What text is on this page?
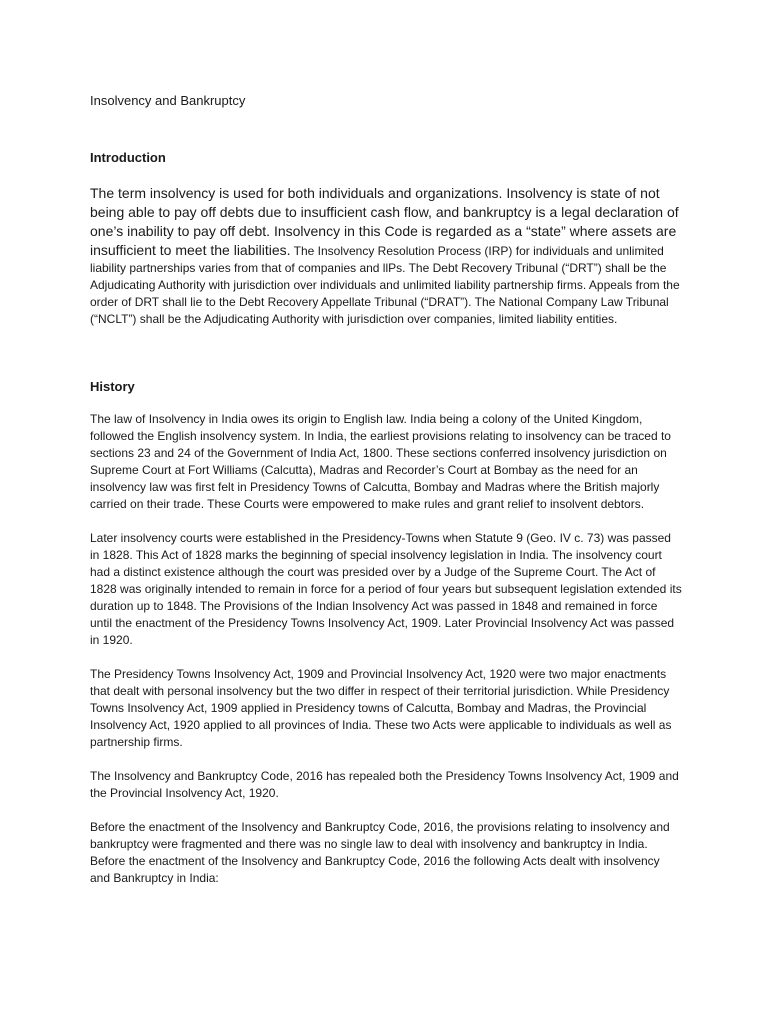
Insolvency and Bankruptcy

Introduction

The term insolvency is used for both individuals and organizations. Insolvency is state of not being able to pay off debts due to insufficient cash flow, and bankruptcy is a legal declaration of one’s inability to pay off debt. Insolvency in this Code is regarded as a “state” where assets are insufficient to meet the liabilities. The Insolvency Resolution Process (IRP) for individuals and unlimited liability partnerships varies from that of companies and llPs. The Debt Recovery Tribunal (“DRT”) shall be the Adjudicating Authority with jurisdiction over individuals and unlimited liability partnership firms. Appeals from the order of DRT shall lie to the Debt Recovery Appellate Tribunal (“DRAT”). The National Company Law Tribunal (“NCLT”) shall be the Adjudicating Authority with jurisdiction over companies, limited liability entities.

History

The law of Insolvency in India owes its origin to English law. India being a colony of the United Kingdom, followed the English insolvency system. In India, the earliest provisions relating to insolvency can be traced to sections 23 and 24 of the Government of India Act, 1800. These sections conferred insolvency jurisdiction on Supreme Court at Fort Williams (Calcutta), Madras and Recorder’s Court at Bombay as the need for an insolvency law was first felt in Presidency Towns of Calcutta, Bombay and Madras where the British majorly carried on their trade. These Courts were empowered to make rules and grant relief to insolvent debtors.

Later insolvency courts were established in the Presidency-Towns when Statute 9 (Geo. IV c. 73) was passed in 1828. This Act of 1828 marks the beginning of special insolvency legislation in India. The insolvency court had a distinct existence although the court was presided over by a Judge of the Supreme Court. The Act of 1828 was originally intended to remain in force for a period of four years but subsequent legislation extended its duration up to 1848. The Provisions of the Indian Insolvency Act was passed in 1848 and remained in force until the enactment of the Presidency Towns Insolvency Act, 1909. Later Provincial Insolvency Act was passed in 1920.

The Presidency Towns Insolvency Act, 1909 and Provincial Insolvency Act, 1920 were two major enactments that dealt with personal insolvency but the two differ in respect of their territorial jurisdiction. While Presidency Towns Insolvency Act, 1909 applied in Presidency towns of Calcutta, Bombay and Madras, the Provincial Insolvency Act, 1920 applied to all provinces of India. These two Acts were applicable to individuals as well as partnership firms.

The Insolvency and Bankruptcy Code, 2016 has repealed both the Presidency Towns Insolvency Act, 1909 and the Provincial Insolvency Act, 1920.

Before the enactment of the Insolvency and Bankruptcy Code, 2016, the provisions relating to insolvency and bankruptcy were fragmented and there was no single law to deal with insolvency and bankruptcy in India. Before the enactment of the Insolvency and Bankruptcy Code, 2016 the following Acts dealt with insolvency and Bankruptcy in India:
